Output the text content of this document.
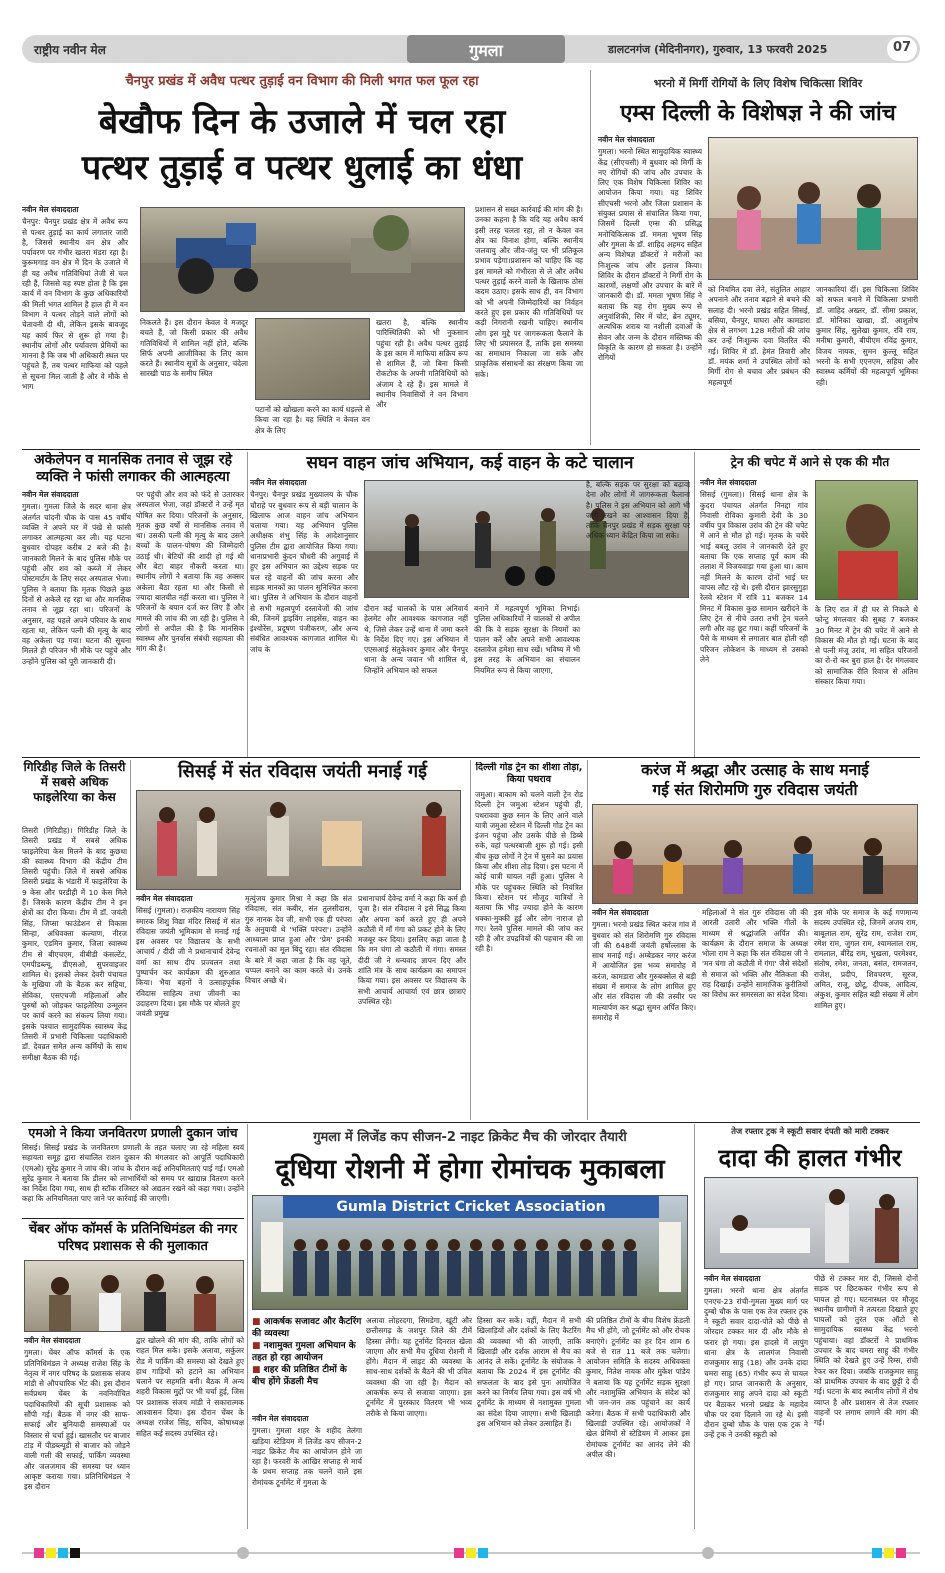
राष्ट्रीय नवीन मेल	गुमला	डालटनगंज (मेदिनीनगर), गुरुवार, 13 फरवरी 2025	07
चैनपुर प्रखंड में अवैध पत्थर तुड़ाई वन विभाग की मिली भगत फल फूल रहा
बेखौफ दिन के उजाले में चल रहा
पत्थर तुड़ाई व पत्थर धुलाई का धंधा
नवीन मेल संवाददाता
चैनपुर: चैनपुर प्रखंड क्षेत्र में अवैध रूप से पत्थर तुड़ाई का कार्य लगातार जारी है, जिससे स्थानीय वन क्षेत्र और पर्यावरण पर गंभीर खतरा मंडरा रहा है। कुरूमगाड़ वन क्षेत्र में दिन के उजाले में ही यह अवैध गतिविधियां तेजी से चल रही हैं, जिससे यह स्पष्ट होता है कि इस कार्य में वन विभाग के कुछ अधिकारियों की मिली भगत शामिल है हाल ही में वन विभाग ने पत्थर तोड़ने वाले लोगों को चेतावनी दी थी, लेकिन इसके बावजूद यह कार्य फिर से शुरू हो गया है। स्थानीय लोगों और पर्यावरण प्रेमियों का मानना है कि जब भी अधिकारी स्थल पर पहुंचते हैं, तब पत्थर माफिया को पहले से सूचना मिल जाती है और वे मौके से भाग
निकलते हैं। इस दौरान केवल वे मजदूर बचते हैं, जो किसी प्रकार की अवैध गतिविधियों में शामिल नहीं होते, बल्कि सिर्फ अपनी आजीविका के लिए काम करते हैं। स्थानीय सूत्रों के अनुसार, चंदेला सारखी पाठ के समीप स्थित
पटानों को खोखला करने का कार्य धड़ल्ले से किया जा रहा है। यह स्थिति न केवल वन क्षेत्र के लिए
खतरा है, बल्कि स्थानीय पारिस्थितिकी को भी नुकसान पहुंचा रही है। अवैध पत्थर तुड़ाई के इस काम में माफिया सक्रिय रूप से शामिल हैं, जो बिना किसी रोकटोक के अपनी गतिविधियों को अंजाम दे रहे हैं। इस मामले में स्थानीय निवासियों ने वन विभाग और
प्रशासन से सख्त कार्रवाई की मांग की है। उनका कहना है कि यदि यह अवैध कार्य इसी तरह चलता रहा, तो न केवल वन क्षेत्र का विनाश होगा, बल्कि स्थानीय जलवायु और जीव-जंतु पर भी प्रतिकूल प्रभाव पड़ेगा।प्रशासन को चाहिए कि वह इस मामले को गंभीरता से ले और अवैध पत्थर तुड़ाई करने वालों के खिलाफ ठोस कदम उठाए। इसके साथ ही, वन विभाग को भी अपनी जिम्मेदारियों का निर्वहन करते हुए इस प्रकार की गतिविधियों पर कड़ी निगरानी रखनी चाहिए। स्थानीय लोग इस मुद्दे पर जागरूकता फैलाने के लिए भी प्रयासरत हैं, ताकि इस समस्या का समाधान निकाला जा सके और प्राकृतिक संसाधनों का संरक्षण किया जा सके।
भरनो में मिर्गी रोगियों के लिए विशेष चिकित्सा शिविर
एम्स दिल्ली के विशेषज्ञ ने की जांच
नवीन मेल संवाददाता
गुमला। भरनो स्थित सामुदायिक स्वास्थ्य केंद्र (सीएचसी) में बुधवार को मिर्गी के नए रोगियों की जांच और उपचार के लिए एक विशेष चिकित्सा शिविर का आयोजन किया गया। यह शिविर सीएचसी भरनो और जिला प्रशासन के संयुक्त प्रयास से संचालित किया गया, जिसमें दिल्ली एम्स की प्रसिद्ध मनोचिकित्सक डॉ. ममता भूषण सिंह और गुमला के डॉ. शाहिद अहमद सहित अन्य विशेषज्ञ डॉक्टरों ने मरीजों का निःशुल्क जांच और इलाज किया। शिविर के दौरान डॉक्टरों ने मिर्गी रोग के कारणों, लक्षणों और उपचार के बारे में जानकारी दी। डॉ. ममता भूषण सिंह ने बताया कि यह रोग मुख्य रूप से अनुवांशिकी, सिर में चोट, ब्रेन ट्यूमर, अत्यधिक शराब या नशीली दवाओं के सेवन और जन्म के दौरान मस्तिष्क की विकृति के कारण हो सकता है। उन्होंने रोगियों
को नियमित दवा लेने, संतुलित आहार अपनाने और तनाव बढ़ाने से बचने की सलाह दी। भरनो प्रखंड सहित सिसई, बसिया, चैनपुर, घाघरा और कामडारा क्षेत्र से लगभग 128 मरीजों की जांच कर उन्हें निःशुल्क दवा वितरित की गई। शिविर में डॉ. हेमंत तिवारी और डॉ. मयंक शर्मा ने उपस्थित लोगों को मिर्गी रोग से बचाव और प्रबंधन की महत्वपूर्ण
जानकारियां दीं। इस चिकित्सा शिविर को सफल बनाने में चिकित्सा प्रभारी डॉ. जाहिद अख्तर, डॉ. सीमा प्रकाश, डॉ. मोनिका खाखा, डॉ. आशुतोष कुमार सिंह, सुलेखा कुमार, रवि राय, मनीषा कुमारी, बीपीएम रविंद्र कुमार, विजय नायक, सुमन कुल्लू सहित भरनो के सभी एएनएम, सहिया और स्वास्थ्य कर्मियों की महत्वपूर्ण भूमिका रही।
अकेलेपन व मानसिक तनाव से जूझ रहे व्यक्ति ने फांसी लगाकर की आत्महत्या
नवीन मेल संवाददाता
गुमला। गुमला जिले के सदर थाना क्षेत्र अंतर्गत चांदनी चौक के पास 45 वर्षीय व्यक्ति ने अपने घर में पंखे से फांसी लगाकर आत्महत्या कर ली। यह घटना बुधवार दोपहर करीब 2 बजे की है। जानकारी मिलने के बाद पुलिस मौके पर पहुंची और शव को कब्जे में लेकर पोस्टमार्टम के लिए सदर अस्पताल भेजा। पुलिस ने बताया कि मृतक पिछले कुछ दिनों से अकेले रह रहा था और मानसिक तनाव से जूझ रहा था। परिजनों के अनुसार, वह पहले अपने परिवार के साथ रहता था, लेकिन पत्नी की मृत्यु के बाद वह अकेला पड़ गया। घटना की सूचना मिलते ही परिजन भी मौके पर पहुंचे और उन्होंने पुलिस को पूरी जानकारी दी।
पर पहुंची और शव को फंदे से उतारकर अस्पताल भेजा, जहां डॉक्टरों ने उन्हें मृत घोषित कर दिया। परिजनों के अनुसार, मृतक कुछ वर्षों से मानसिक तनाव में था। उसकी पत्नी की मृत्यु के बाद उसने बच्चों के पालन-पोषण की जिम्मेदारी उठाई थी। बेटियों की शादी हो गई थी और बेटा बाहर नौकरी करता था। स्थानीय लोगों ने बताया कि वह अक्सर अकेला बैठा रहता था और किसी से ज्यादा बातचीत नहीं करता था। पुलिस ने परिजनों के बयान दर्ज कर लिए हैं और मामले की जांच की जा रही है। पुलिस ने लोगों से अपील की है कि मानसिक स्वास्थ्य और पुनर्वास संबंधी सहायता की मांग की है।
सघन वाहन जांच अभियान, कई वाहन के कटे चालान
नवीन मेल संवाददाता
चैनपुर। चैनपुर प्रखंड मुख्यालय के चौक चौराहे पर बुधवार रूप से बड़ी चालान के खिलाफ आज वाहन जांच अभियान चलाया गया। यह अभियान पुलिस अधीक्षक शंभु सिंह के आदेशानुसार पुलिस टीम द्वारा आयोजित किया गया। थानाप्रभारी कुंदन चौधरी की अगुवाई में हुए इस अभियान का उद्देश्य सड़क पर चल रहे वाहनों की जांच करना और सड़क मानकों का पालन सुनिश्चित करना था। पुलिस ने अभियान के दौरान वाहनों से सभी महत्वपूर्ण दस्तावेजों की जांच की, जिनमें ड्राइविंग लाइसेंस, वाहन का इंश्योरेंस, प्रदूषण पंजीकरण, और अन्य संबंधित आवश्यक कागजात शामिल थे। जांच के
दौरान कई चालकों के पास अनिवार्य हेलमेट और आवश्यक कागजात नहीं थे, जिसे लेकर उन्हें थाना में जमा करने के निर्देश दिए गए। इस अभियान में एएसआई संतुकेश्वर कुमार और चैनपुर थाना के अन्य जवान भी शामिल थे, जिन्होंने अभियान को सफल
बनाने में महत्वपूर्ण भूमिका निभाई। पुलिस अधिकारियों ने चालकों से अपील की कि वे सड़क सुरक्षा के नियमों का पालन करें और अपने सभी आवश्यक दस्तावेज हमेशा साथ रखें। भविष्य में भी इस तरह के अभियान का संचालन नियमित रूप से किया जाएगा,
है, बल्कि सड़क पर सुरक्षा को बढ़ावा देना और लोगों में जागरूकता फैलाना है। पुलिस ने इस अभियान को आगे भी जारी रखने का आश्वासन दिया है, ताकि चैनपुर प्रखंड में सड़क सुरक्षा पर अधिक ध्यान केंद्रित किया जा सके।
ट्रेन की चपेट में आने से एक की मौत
नवीन मेल संवाददाता
सिसई (गुमला)। सिसई थाना क्षेत्र के कुदरा पंचायत अंतर्गत निनद्दा गांव निवासी रोविका कुमारी देवी के 30 वर्षीय पुत्र विकास उरांव की ट्रेन की चपेट में आने से मौत हो गई। मृतक के चचेरे भाई बबलू उरांव ने जानकारी देते हुए बताया कि एक सप्ताह पूर्व काम की तलाश में विजयवाड़ा गया हुआ था। काम नहीं मिलने के कारण दोनों भाई घर वापस लौट रहे थे। इसी दौरान झारसुगुड़ा रेलवे स्टेशन में रात्रि 11 बजकर 14 मिनट में विकास कुछ सामान खरीदने के लिए ट्रेन से नीचे उतरा तभी ट्रेन चलने लगी और वह छूट गया। कहीं परिजनों के पैसे के माध्यम से लगातार बात होती रही परिजन लोकेशन के माध्यम से उसको लेने
के लिए रात में ही घर से निकले थे फोन्टु मंगलवार की सुबह 7 बजकर 30 मिनट में ट्रेन की चपेट में आने से विकास की मौत हो गई। घटना के बाद से पत्नी मंजू उरांव, मां सहित परिजनों का रो-रो कर बुरा हाल है। देर मंगलवार को सामाजिक रीति रिवाज से अंतिम संस्कार किया गया।
गिरिडीह जिले के तिसरी में सबसे अधिक फाइलेरिया का केस
तिसरी (गिरिडीह)। गिरिडीह जिले के तिसरी प्रखंड में सबसे अधिक फाइलेरिया केस मिलने के बाद कुछथा की स्वास्थ्य विभाग की केंद्रीय टीम तिसरी पहुंची। जिले में सबसे अधिक तिसरी प्रखंड के भंडारी में फाइलेरिया के 9 केस और परडीही में 10 केस मिले हैं। जिसके कारण केंद्रीय टीम ने इन क्षेत्रों का दौरा किया। टीम में डॉ. जयंती सिंह, जिप्सा फाउंडेशन से विकास सिन्हा, अधिवक्ता कल्याण, नीरज कुमार, एडमिन कुमार, जिला स्वास्थ्य टीम से बीएचएम, वीबीडी कंसल्टेंट, एमपीडब्ल्यू, डीएसओ, सुपरवाइजर शामिल थे। इसको लेकर देवरी पंचायत के मुखिया जी के बैठक कर सहिया, सेविका, एसएचजी महिलाओं और पुरुषों को जोड़कर फाइलेरिया उन्मूलन पर कार्य करने का संकल्प लिया गया। इसके पश्चात सामुदायिक स्वास्थ्य केंद्र तिसरी में प्रभारी चिकित्सा पदाधिकारी डॉ. देवव्रत समेत अन्य कर्मियों के साथ समीक्षा बैठक की गई।
सिसई में संत रविदास जयंती मनाई गई
नवीन मेल संवाददाता
सिसई (गुमला)। राजकीय नारायण सिंह स्मारक शिशु विद्या मंदिर सिसई में संत रविदास जयंती भूमिकाम से मनाई गई इस अवसर पर विद्यालय के सभी आचार्य / दीदी जी ने प्रधानाचार्य देवेन्द्र वर्मा का साथ दीप प्रज्वलन तथा पुष्पार्चन कर कार्यक्रम की शुरुआत किया। भैया बहनों ने उत्साहपूर्वक रविदास साहित्य तथा जीवनी का उदाहरण दिया। इस मौके पर बोलते हुए जयंती प्रमुख
मृत्युंजय कुमार मिश्रा ने कहा कि संत रविदास, संत कबीर, संत तुलसीदास, गुरु नानक देव जी, सभी एक ही परंपरा के अनुयायी थे 'भक्ति परंपरा'। उन्होंने आध्यात्म प्राप्त हुआ और 'प्रेम' इनकी रचनाओं का मूल बिंदु रहा। संत रविदास के बारे में कहा जाता है कि वह जूते, चप्पल बनाने का काम करते थे। उनके विचार अच्छे थे।
प्रधानाचार्य देवेन्द्र वर्मा ने कहा कि कर्म ही पूजा है। संत रविदास ने इसे सिद्ध किया और अपना कर्म करते हुए ही अपने कठौती में माँ गंगा को प्रकट होने के लिए मजबूर कर दिया। इसलिए कहा जाता है कि मन चंगा तो कठौती में गंगा। समस्त दीदी जी ने धन्यवाद ज्ञापन दिए और शांति मंत्र के साथ कार्यक्रम का समापन किया गया। इस अवसर पर विद्यालय के सभी आचार्य आचार्या एवं छात्र छात्राएं उपस्थित रहे।
दिल्ली गोड ट्रेन का शीशा तोड़ा, किया पथराव
जमुआ। बाकाम को चलने वाली ट्रेन रोड दिल्ली ट्रेन जमुआ स्टेशन पहुंची ही, पथराववा कुछ स्नान के लिए आने वाले यात्री जमुआ स्टेशन में दिल्ली गोड ट्रेन का इंजन पहुंचा और उसके पीछे से डिब्बे रुके, वहां पत्थरबाजी शुरू हो गई। इसी बीच कुछ लोगों ने ट्रेन में घुसने का प्रयास किया और शीशा तोड़ दिया। इस घटना में कोई यात्री घायल नहीं हुआ। पुलिस ने मौके पर पहुंचकर स्थिति को नियंत्रित किया। स्टेशन पर मौजूद यात्रियों ने बताया कि भीड़ ज्यादा होने के कारण धक्का-मुक्की हुई और लोग नाराज हो गए। रेलवे पुलिस मामले की जांच कर रही है और उपद्रवियों की पहचान की जा रही है।
करंज में श्रद्धा और उत्साह के साथ मनाई
गई संत शिरोमणि गुरु रविदास जयंती
नवीन मेल संवाददाता
गुमला। भरनो प्रखंड स्थित करंज गांव में बुधवार को संत शिरोमणि गुरु रविदास जी की 648वीं जयंती हर्षोल्लास के साथ मनाई गई। अम्बेडकर नगर करंज में आयोजित इस भव्य समारोह में करंज, कामडारा और गुरुबक्सेल से बड़ी संख्या में समाज के लोग शामिल हुए और संत रविदास जी की तस्वीर पर माल्यार्पण कर श्रद्धा सुमन अर्पित किए। समारोह में
महिलाओं ने संत गुरु रविदास जी की आरती उतारी और भक्ति गीतों के माध्यम से श्रद्धांजलि अर्पित की। कार्यक्रम के दौरान समाज के अध्यक्ष भोला राम ने कहा कि संत रविदास जी ने 'मन चंगा तो कठौती में गंगा' जैसे संदेशों से समाज को भक्ति और नैतिकता की राह दिखाई। उन्होंने सामाजिक कुरीतियों का विरोध कर समरसता का संदेश दिया।
इस मौके पर समाज के कई गणमान्य सदस्य उपस्थित रहे, जिनमें अजय राम, बाबूलाल राम, सुरेंद्र राम, राजेश राम, रमेश राम, जुगल राम, श्यामलाल राम, रामलाल, बीरेंद्र राम, भुखला, परमेश्वर, संतोष, रमेश, जनता, बसंत, रामजतन, राजेश, प्रदीप, शिवचरण, सूरज, अमित, राजू, छोटू, दीपक, आदित्य, अंकुश, कुमार सहित बड़ी संख्या में लोग शामिल हुए।
एमओ ने किया जनवितरण प्रणाली दुकान जांच
सिसई। सिसई प्रखंड के जनवितरण प्रणाली के तहत चलाए जा रहे महिला स्वयं सहायता समूह द्वारा संचालित राशन दुकान की मंगलवार को आपूर्ति पदाधिकारी (एमओ) सुरेंद्र कुमार ने जांच की। जांच के दौरान कई अनियमितताएं पाई गईं। एमओ सुरेंद्र कुमार ने बताया कि डीलर को लाभार्थियों को समय पर खाद्यान्न वितरण करने का निर्देश दिया गया, साथ ही स्टॉक रजिस्टर को अद्यतन रखने को कहा गया। उन्होंने कहा कि अनियमितता पाए जाने पर कार्रवाई की जाएगी।
चेंबर ऑफ कॉमर्स के प्रतिनिधिमंडल की नगर परिषद प्रशासक से की मुलाकात
नवीन मेल संवाददाता
गुमला। चेंबर ऑफ कॉमर्स के एक प्रतिनिधिमंडल ने अध्यक्ष राजेश सिंह के नेतृत्व में नगर परिषद के प्रशासक संजय मांडी से औपचारिक भेंट की। इस दौरान सर्वप्रथम चेंबर के नवनिर्वाचित पदाधिकारियों की सूची प्रशासक को सौंपी गई। बैठक में नगर की साफ-सफाई और बुनियादी समस्याओं पर विस्तार से चर्चा हुई। खासतौर पर बाजार टांड़ में पीडब्ल्यूडी से बाजार को जोड़ने वाली गली की सफाई, पार्किंग व्यवस्था और जलजमाव की समस्या पर ध्यान आकृष्ट कराया गया। प्रतिनिधिमंडल ने इस दौरान
द्वार खोलने की मांग की, ताकि लोगों को राहत मिल सके। इसके अलावा, सर्कुलर रोड में पार्किंग की समस्या को देखते हुए हाथ गाड़ियों को हटाने का अभियान चलाने पर सहमति बनी। बैठक में अन्य शहरी विकास मुद्दों पर भी चर्चा हुई, जिस पर प्रशासक संजय मांडी ने सकारात्मक आश्वासन दिया। इस दौरान चेंबर के अध्यक्ष राजेश सिंह, सचिव, कोषाध्यक्ष सहित कई सदस्य उपस्थित रहे।
गुमला में लिजेंड कप सीजन-2 नाइट क्रिकेट मैच की जोरदार तैयारी
दूधिया रोशनी में होगा रोमांचक मुकाबला
Gumla District Cricket Association
■ आकर्षक सजावट और कैटरिंग की व्यवस्था
■ नशामुक्त गुमला अभियान के तहत हो रहा आयोजन
■ शहर की प्रतिष्ठित टीमों के बीच होंगे फ्रेंडली मैच
नवीन मेल संवाददाता
गुमला। गुमला शहर के शहीद तेलंगा खड़िया स्टेडियम में लिजेंड कप सीजन-2 नाइट क्रिकेट मैच का आयोजन होने जा रहा है। फरवरी के आखिर सप्ताह से मार्च के प्रथम सप्ताह तक चलने वाले इस रोमांचक टूर्नामेंट में गुमला के
अलावा लोहरदगा, सिमडेगा, खूंटी और छत्तीसगढ़ के जशपुर जिले की टीमें हिस्सा लेंगी। यह टूर्नामेंट दिनरात खेला जाएगा और सभी मैच दूधिया रोशनी में होंगे। मैदान में लाइट की व्यवस्था के साथ-साथ दर्शकों के बैठने की भी उचित व्यवस्था की जा रही है। मैदान को आकर्षक रूप से सजाया जाएगा। इस टूर्नामेंट में पुरस्कार वितरण भी भव्य तरीके से किया जाएगा।
हिस्सा कर सकें। वहीं, मैदान में सभी खिलाड़ियों और दर्शकों के लिए कैटरिंग की व्यवस्था भी की जाएगी, ताकि खिलाड़ी और दर्शक आराम से मैच का आनंद ले सकें। टूर्नामेंट के संयोजक ने बताया कि 2024 में इस टूर्नामेंट की सफलता के बाद इसे पुनः आयोजित करने का निर्णय लिया गया। इस वर्ष भी टूर्नामेंट के माध्यम से नशामुक्त गुमला का संदेश दिया जाएगा। सभी खिलाड़ी इस अभियान को लेकर उत्साहित हैं।
की प्रतिष्ठित टीमों के बीच विशेष फ्रेंडली मैच भी होंगे, जो टूर्नामेंट को और रोचक बनाएंगे। टूर्नामेंट का हर दिन शाम 6 बजे से रात 11 बजे तक चलेगा। आयोजन समिति के सदस्य अधिवक्ता कुमार, नितेश नायक और मुकेश पांडेय ने बताया कि यह टूर्नामेंट सड़क सुरक्षा और नशामुक्ति अभियान के संदेश को भी जन-जन तक पहुंचाने का कार्य करेगा। बैठक में सभी पदाधिकारी और खिलाड़ी उपस्थित रहे। आयोजकों ने खेल प्रेमियों से स्टेडियम में आकर इस रोमांचक टूर्नामेंट का आनंद लेने की अपील की।
तेज रफ्तार ट्रक ने स्कूटी सवार दंपती को मारी टक्कर
दादा की हालत गंभीर
नवीन मेल संवाददाता
गुमला। भरनो थाना क्षेत्र अंतर्गत एनएच-23 रांची-गुमला मुख्य मार्ग पर दुम्बो चौक के पास एक तेज रफ्तार ट्रक ने स्कूटी सवार दादा-पोते को पीछे से जोरदार टक्कर मार दी और मौके से फरार हो गया। इस हादसे में लापुंग थाना क्षेत्र के लालगंज निवासी राजकुमार साहु (18) और उनके दादा चमरा साहु (65) गंभीर रूप से घायल हो गए। प्राप्त जानकारी के अनुसार, राजकुमार साहु अपने दादा को स्कूटी पर बैठाकर भरनो प्रखंड के महादेव चौक पर दवा दिलाने जा रहे थे। इसी दौरान दुम्बो चौक के पास एक ट्रक ने उन्हें ट्रक ने उनकी स्कूटी को
पीछे से टक्कर मार दी, जिससे दोनों सड़क पर छिटककर गंभीर रूप से घायल हो गए। घटनास्थल पर मौजूद स्थानीय ग्रामीणों ने तत्परता दिखाते हुए घायलों को तुरंत एक ऑटो से सामुदायिक स्वास्थ्य केंद्र भरनो पहुंचाया। वहां डॉक्टरों ने प्राथमिक उपचार के बाद चमरा साहु की गंभीर स्थिति को देखते हुए उन्हें रिम्स, रांची रेफर कर दिया। जबकि राजकुमार साहु को प्राथमिक उपचार के बाद छुट्टी दे दी गई। घटना के बाद स्थानीय लोगों में रोष व्याप्त है और प्रशासन से तेज रफ्तार वाहनों पर लगाम लगाने की मांग की गई।
